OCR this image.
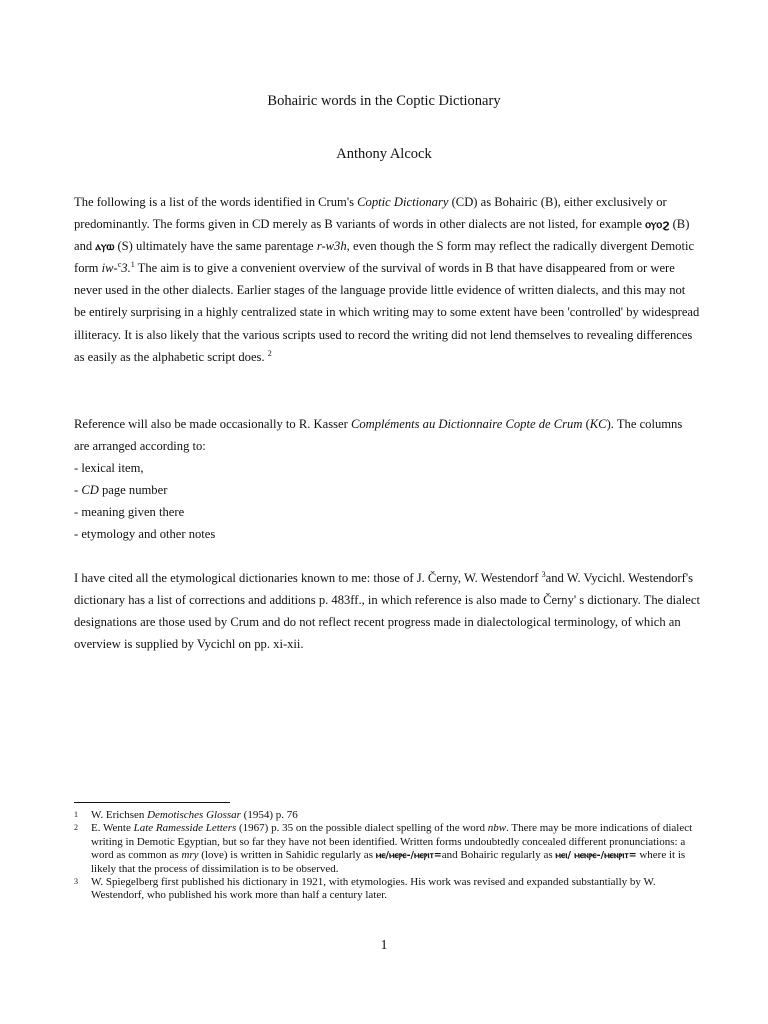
Bohairic words in the Coptic Dictionary
Anthony Alcock
The following is a list of the words identified in Crum's Coptic Dictionary (CD) as Bohairic (B), either exclusively or predominantly. The forms given in CD merely as B variants of words in other dialects are not listed, for example ⲟⲩⲟϩ (B) and ⲁⲩⲱ (S) ultimately have the same parentage r-w3h, even though the S form may reflect the radically divergent Demotic form iw-$^c$3.$^1$ The aim is to give a convenient overview of the survival of words in B that have disappeared from or were never used in the other dialects. Earlier stages of the language provide little evidence of written dialects, and this may not be entirely surprising in a highly centralized state in which writing may to some extent have been 'controlled' by widespread illiteracy. It is also likely that the various scripts used to record the writing did not lend themselves to revealing differences as easily as the alphabetic script does. $^2$
Reference will also be made occasionally to R. Kasser Compléments au Dictionnaire Copte de Crum (KC). The columns are arranged according to:
- lexical item,
- CD page number
- meaning given there
- etymology and other notes
I have cited all the etymological dictionaries known to me: those of J. Černy, W. Westendorf $^3$and W. Vycichl. Westendorf's dictionary has a list of corrections and additions p. 483ff., in which reference is also made to Černy' s dictionary. The dialect designations are those used by Crum and do not reflect recent progress made in dialectological terminology, of which an overview is supplied by Vycichl on pp. xi-xii.
1	W. Erichsen Demotisches Glossar (1954) p. 76
2	E. Wente Late Ramesside Letters (1967) p. 35 on the possible dialect spelling of the word nbw. There may be more indications of dialect writing in Demotic Egyptian, but so far they have not been identified. Written forms undoubtedly concealed different pronunciations: a word as common as mry (love) is written in Sahidic regularly as ⲙⲉ/ⲙⲉⲣⲉ-/ⲙⲉⲣⲓⲧ=and Bohairic regularly as ⲙⲉⲓ/ ⲙⲉⲛⲣⲉ-/ⲙⲉⲛⲣⲓⲧ= where it is likely that the process of dissimilation is to be observed.
3	W. Spiegelberg first published his dictionary in 1921, with etymologies. His work was revised and expanded substantially by W. Westendorf, who published his work more than half a century later.
1
